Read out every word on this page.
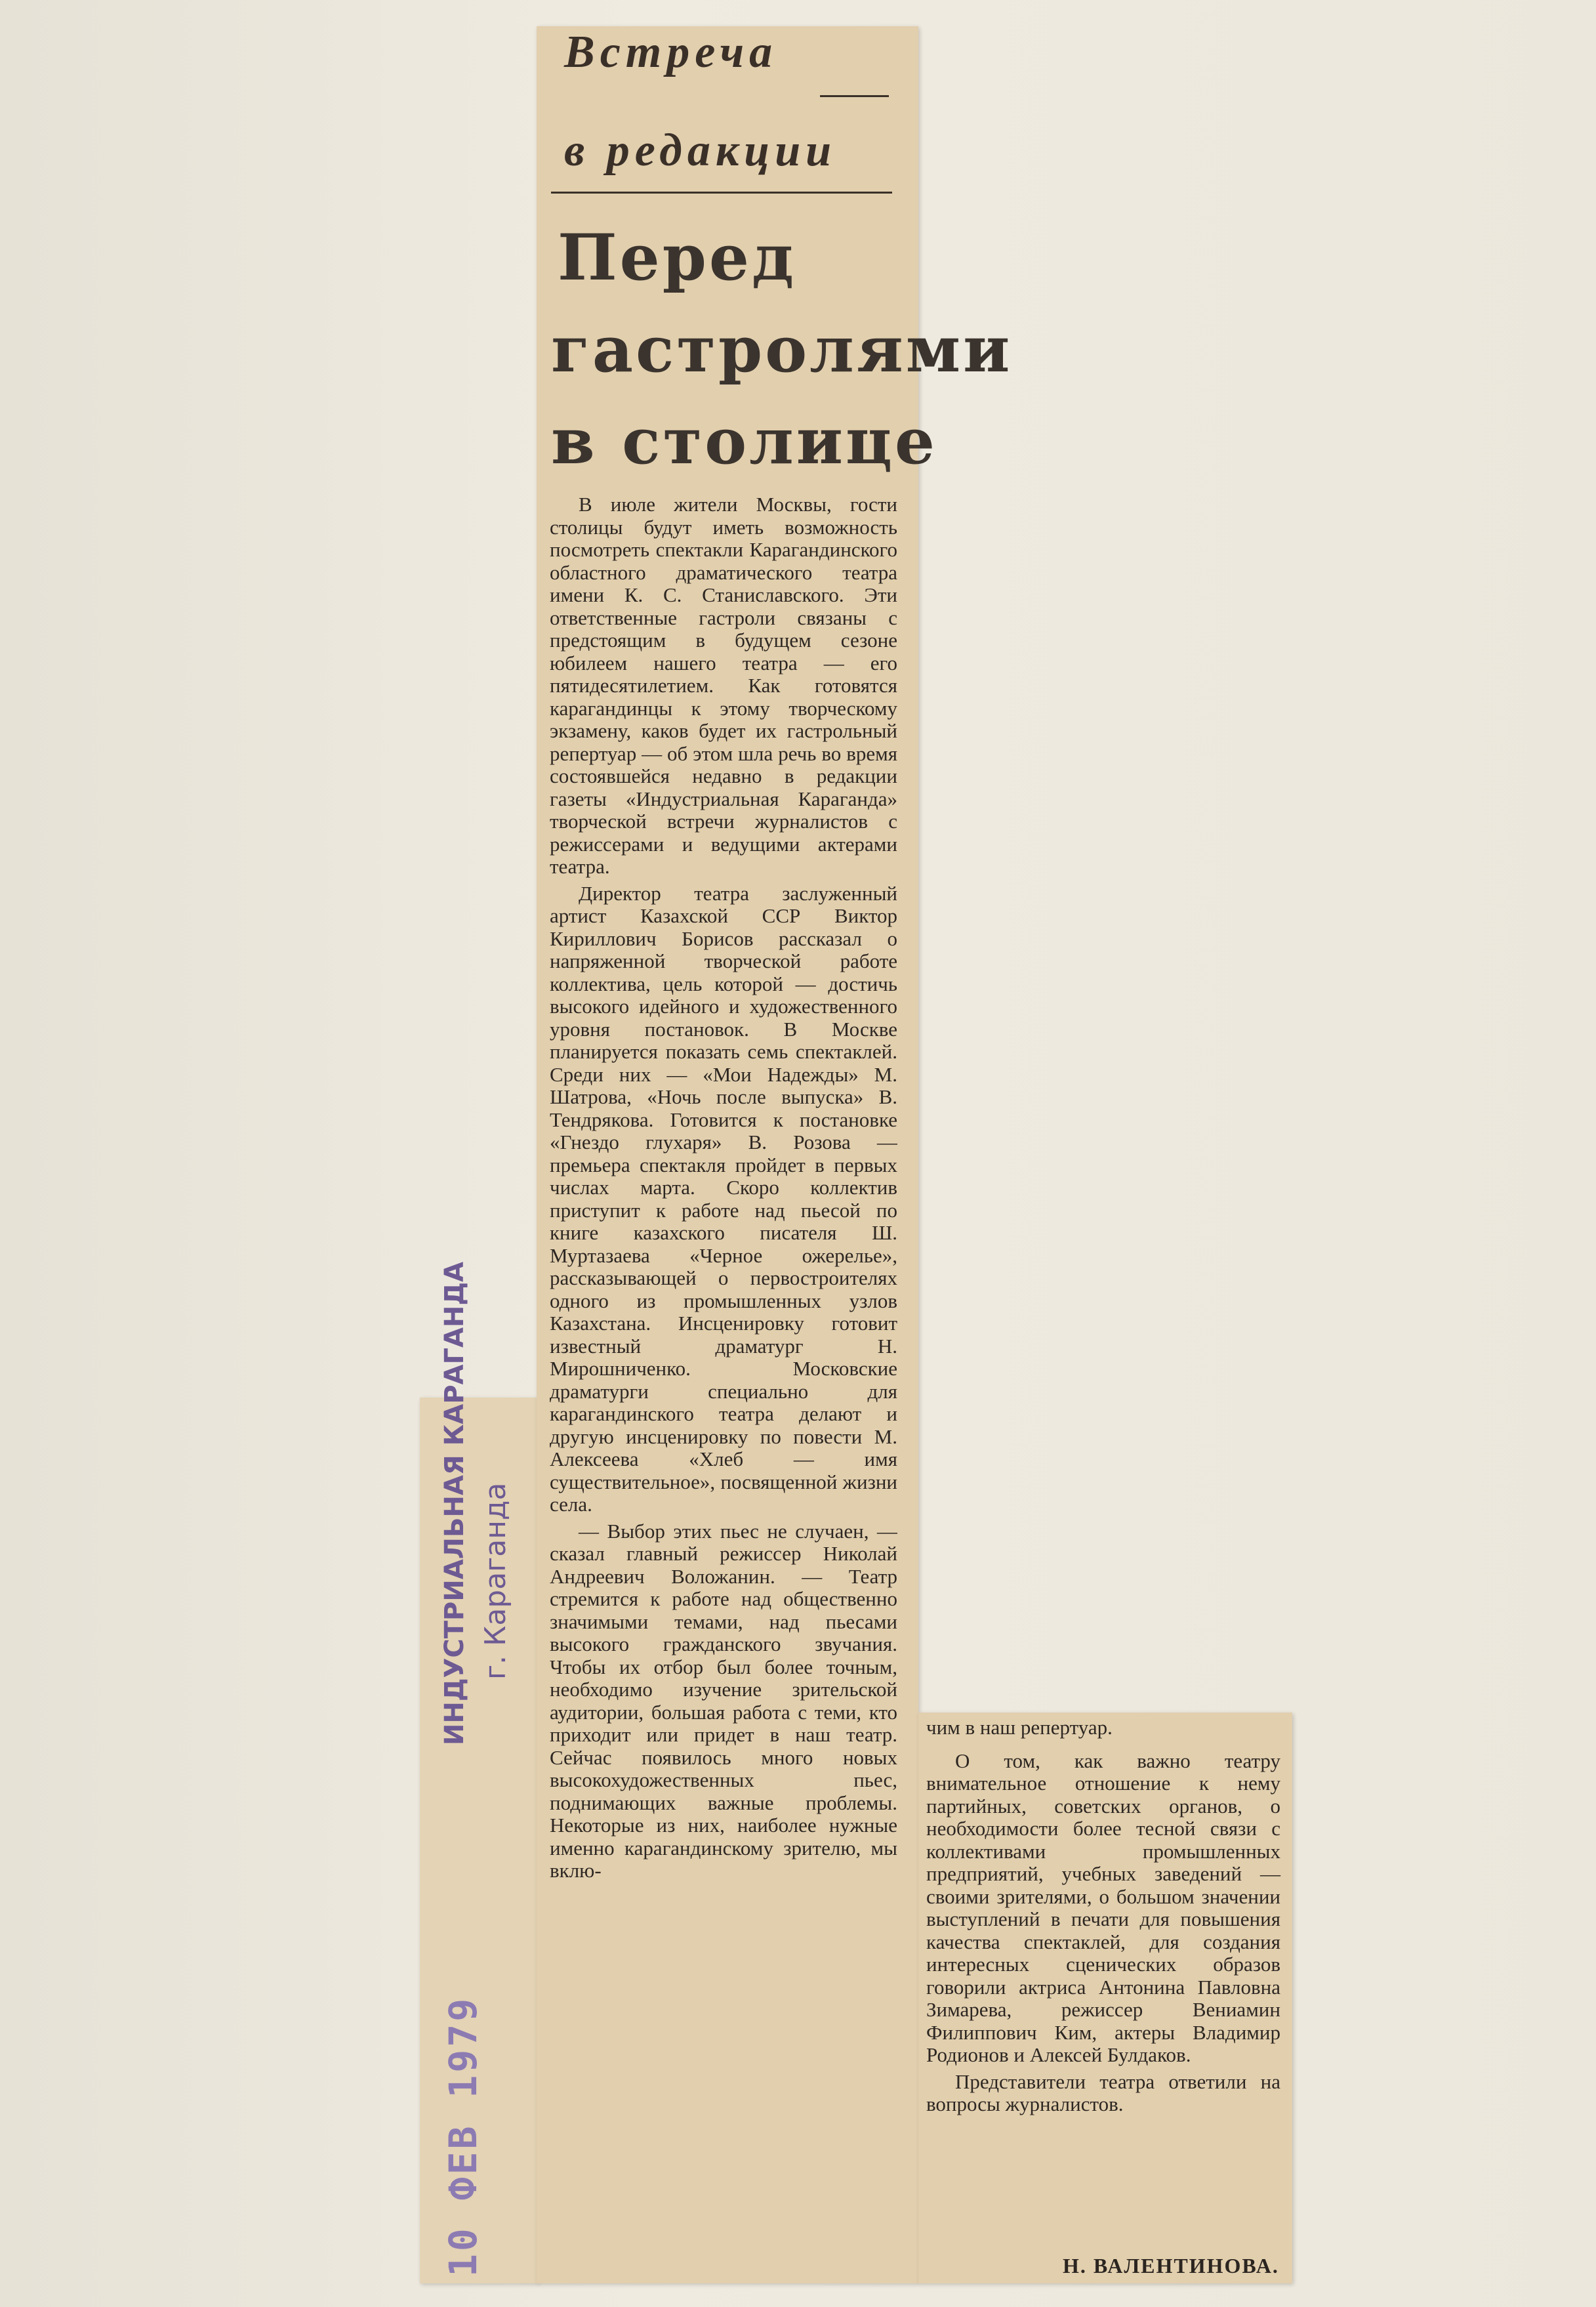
ИНДУСТРИАЛЬНАЯ КАРАГАНДА г. Караганда
10 ФЕВ 1979
Встреча
в редакции
Перед
гастролями
в столице

В июле жители Москвы, гости столицы будут иметь возможность посмотреть спектакли Карагандинского областного драматического театра имени К. С. Станиславского. Эти ответственные гастроли связаны с предстоящим в будущем сезоне юбилеем нашего театра — его пятидесятилетием. Как готовятся карагандинцы к этому творческому экзамену, каков будет их гастрольный репертуар — об этом шла речь во время состоявшейся недавно в редакции газеты «Индустриальная Караганда» творческой встречи журналистов с режиссерами и ведущими актерами театра.

Директор театра заслуженный артист Казахской ССР Виктор Кириллович Борисов рассказал о напряженной творческой работе коллектива, цель которой — достичь высокого идейного и художественного уровня постановок. В Москве планируется показать семь спектаклей. Среди них — «Мои Надежды» М. Шатрова, «Ночь после выпуска» В. Тендрякова. Готовится к постановке «Гнездо глухаря» В. Розова — премьера спектакля пройдет в первых числах марта. Скоро коллектив приступит к работе над пьесой по книге казахского писателя Ш. Муртазаева «Черное ожерелье», рассказывающей о первостроителях одного из промышленных узлов Казахстана. Инсценировку готовит известный драматург Н. Мирошниченко. Московские драматурги специально для карагандинского театра делают и другую инсценировку по повести М. Алексеева «Хлеб — имя существительное», посвященной жизни села.

— Выбор этих пьес не случаен, — сказал главный режиссер Николай Андреевич Воложанин. — Театр стремится к работе над общественно значимыми темами, над пьесами высокого гражданского звучания. Чтобы их отбор был более точным, необходимо изучение зрительской аудитории, большая работа с теми, кто приходит или придет в наш театр. Сейчас появилось много новых высокохудожественных пьес, поднимающих важные проблемы. Некоторые из них, наиболее нужные именно карагандинскому зрителю, мы вклю-

чим в наш репертуар.

О том, как важно театру внимательное отношение к нему партийных, советских органов, о необходимости более тесной связи с коллективами промышленных предприятий, учебных заведений — своими зрителями, о большом значении выступлений в печати для повышения качества спектаклей, для создания интересных сценических образов говорили актриса Антонина Павловна Зимарева, режиссер Вениамин Филиппович Ким, актеры Владимир Родионов и Алексей Булдаков.

Представители театра ответили на вопросы журналистов.

Н. ВАЛЕНТИНОВА.
